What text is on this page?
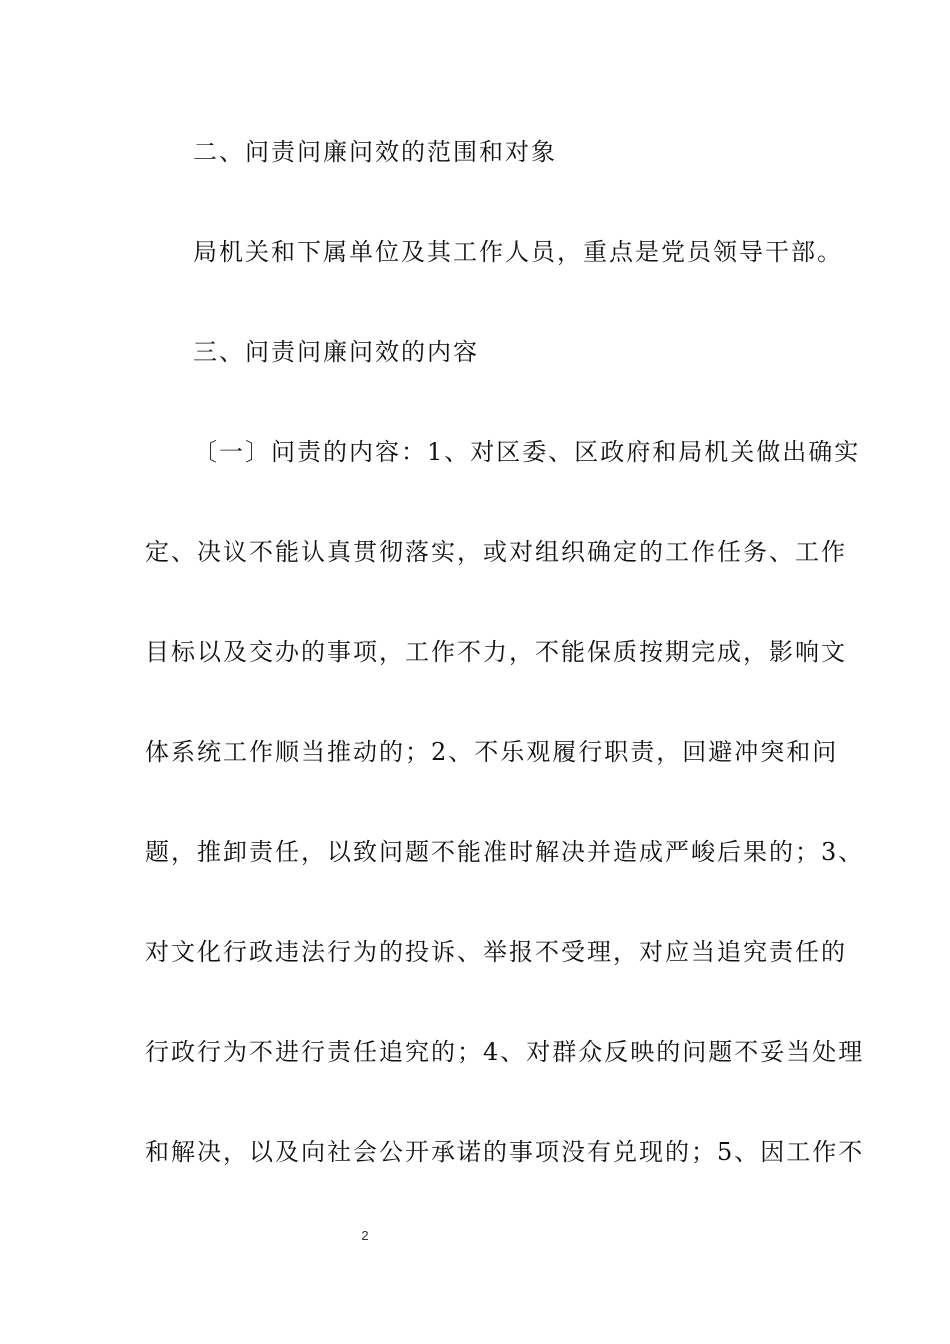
二、问责问廉问效的范围和对象
局机关和下属单位及其工作人员，重点是党员领导干部。
三、问责问廉问效的内容
〔一〕问责的内容：1、对区委、区政府和局机关做出确实
定、决议不能认真贯彻落实，或对组织确定的工作任务、工作
目标以及交办的事项，工作不力，不能保质按期完成，影响文
体系统工作顺当推动的；2、不乐观履行职责，回避冲突和问
题，推卸责任，以致问题不能准时解决并造成严峻后果的；3、
对文化行政违法行为的投诉、举报不受理，对应当追究责任的
行政行为不进行责任追究的；4、对群众反映的问题不妥当处理
和解决，以及向社会公开承诺的事项没有兑现的；5、因工作不
2
